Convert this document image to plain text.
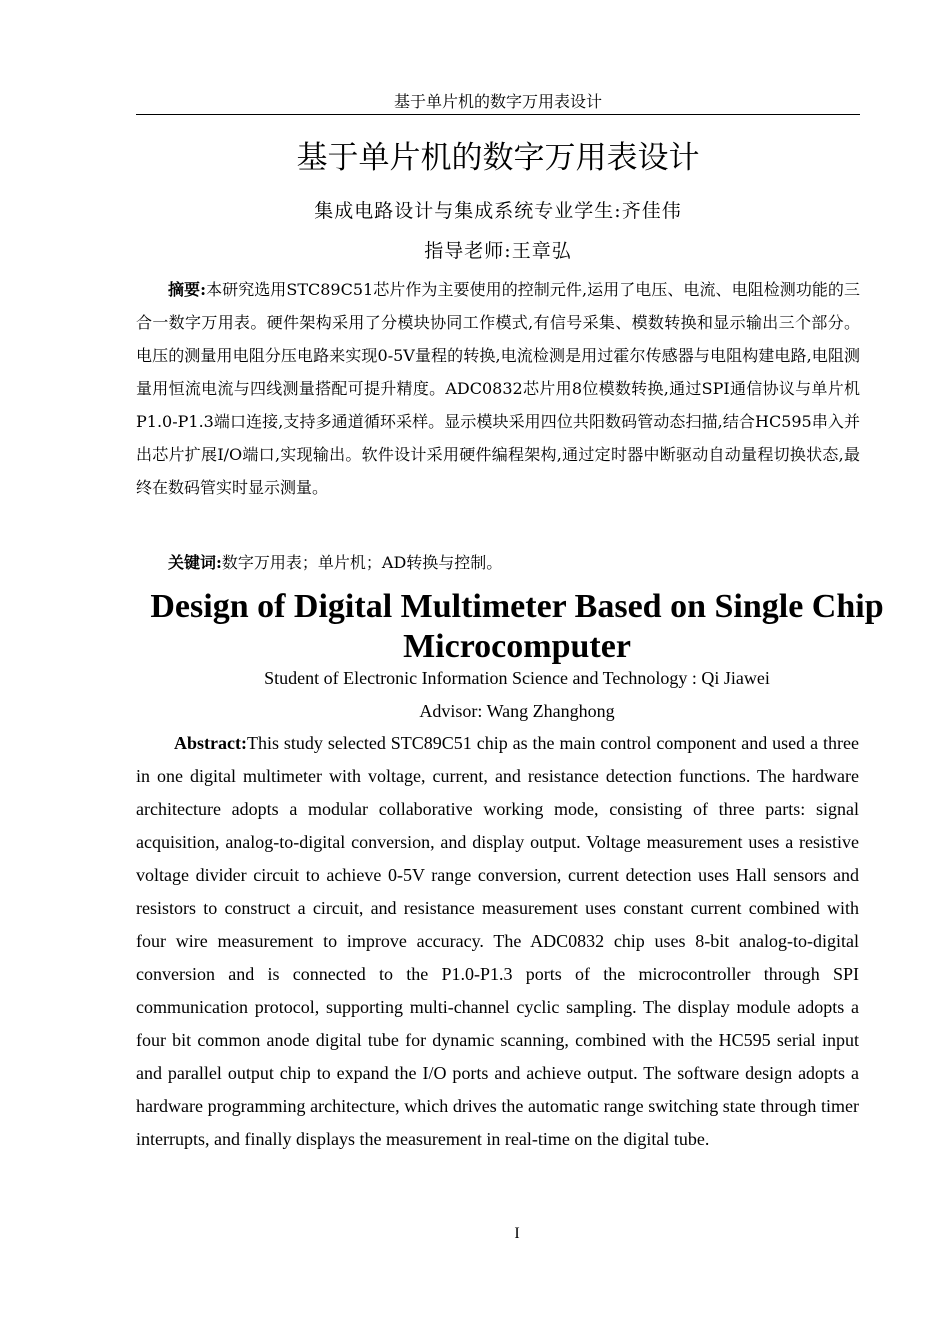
基于单片机的数字万用表设计
基于单片机的数字万用表设计
集成电路设计与集成系统专业学生:齐佳伟
指导老师:王章弘

摘要:本研究选用STC89C51芯片作为主要使用的控制元件,运用了电压、电流、电阻检测功能的三合一数字万用表。硬件架构采用了分模块协同工作模式,有信号采集、模数转换和显示输出三个部分。电压的测量用电阻分压电路来实现0-5V量程的转换,电流检测是用过霍尔传感器与电阻构建电路,电阻测量用恒流电流与四线测量搭配可提升精度。ADC0832芯片用8位模数转换,通过SPI通信协议与单片机P1.0-P1.3端口连接,支持多通道循环采样。显示模块采用四位共阳数码管动态扫描,结合HC595串入并出芯片扩展I/O端口,实现输出。软件设计采用硬件编程架构,通过定时器中断驱动自动量程切换状态,最终在数码管实时显示测量。

关键词:数字万用表；单片机；AD转换与控制。

Design of Digital Multimeter Based on Single Chip Microcomputer
Student of Electronic Information Science and Technology : Qi Jiawei
Advisor: Wang Zhanghong

Abstract:This study selected STC89C51 chip as the main control component and used a three in one digital multimeter with voltage, current, and resistance detection functions. The hardware architecture adopts a modular collaborative working mode, consisting of three parts: signal acquisition, analog-to-digital conversion, and display output. Voltage measurement uses a resistive voltage divider circuit to achieve 0-5V range conversion, current detection uses Hall sensors and resistors to construct a circuit, and resistance measurement uses constant current combined with four wire measurement to improve accuracy. The ADC0832 chip uses 8-bit analog-to-digital conversion and is connected to the P1.0-P1.3 ports of the microcontroller through SPI communication protocol, supporting multi-channel cyclic sampling. The display module adopts a four bit common anode digital tube for dynamic scanning, combined with the HC595 serial input and parallel output chip to expand the I/O ports and achieve output. The software design adopts a hardware programming architecture, which drives the automatic range switching state through timer interrupts, and finally displays the measurement in real-time on the digital tube.

I
